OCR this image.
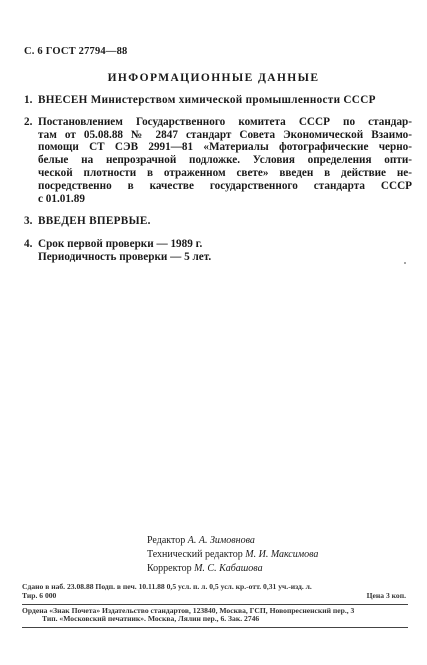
С. 6 ГОСТ 27794—88
ИНФОРМАЦИОННЫЕ ДАННЫЕ
1. ВНЕСЕН Министерством химической промышленности СССР
2. Постановлением Государственного комитета СССР по стандар-
там от 05.08.88 № 2847 стандарт Совета Экономической Взаимо-
помощи СТ СЭВ 2991—81 «Материалы фотографические черно-
белые на непрозрачной подложке. Условия определения опти-
ческой плотности в отраженном свете» введен в действие не-
посредственно в качестве государственного стандарта СССР
с 01.01.89
3. ВВЕДЕН ВПЕРВЫЕ.
4. Срок первой проверки — 1989 г.
Периодичность проверки — 5 лет.
Редактор А. А. Зимовнова
Технический редактор М. И. Максимова
Корректор М. С. Кабашова
Сдано в наб. 23.08.88 Подп. в печ. 10.11.88 0,5 усл. п. л. 0,5 усл. кр.-отт. 0,31 уч.-изд. л.
Тир. 6 000	Цена 3 коп.
Ордена «Знак Почета» Издательство стандартов, 123840, Москва, ГСП, Новопресненский пер., 3
Тип. «Московский печатник». Москва, Лялин пер., 6. Зак. 2746
